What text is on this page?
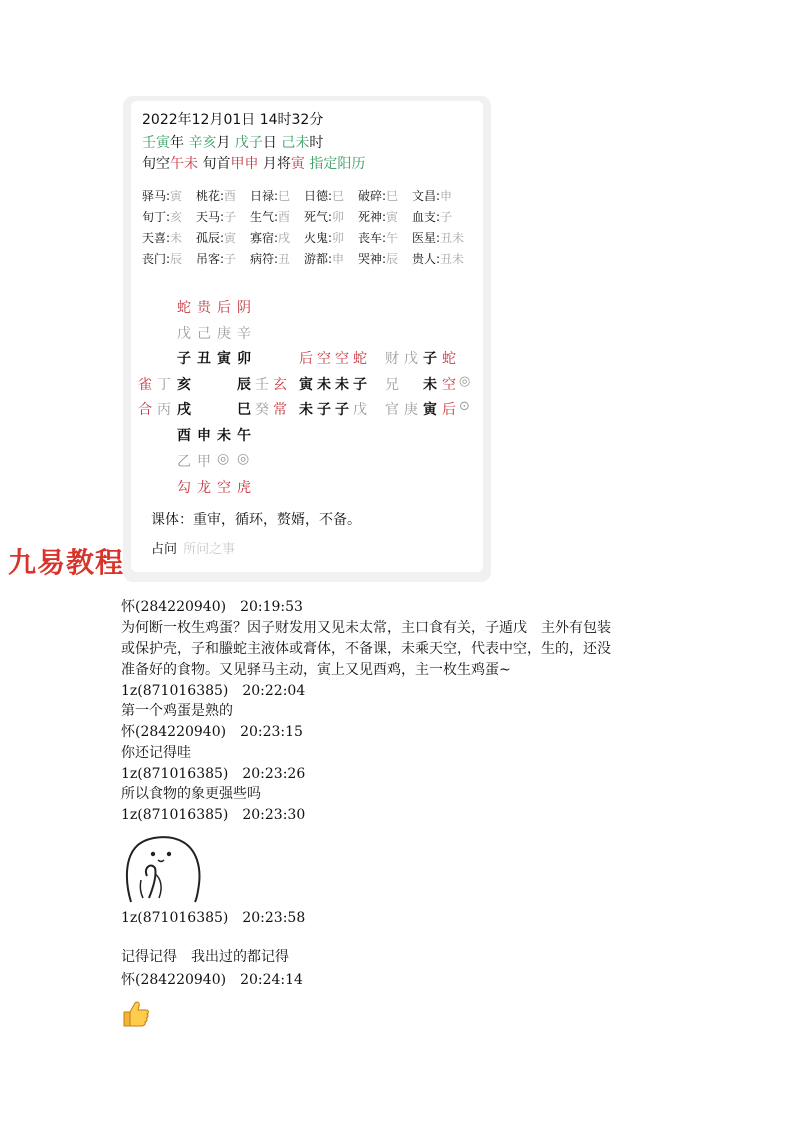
2022年12月01日 14时32分
壬寅年 辛亥月 戊子日 己未时
旬空午未 旬首甲申 月将寅 指定阳历
驿马:寅 桃花:酉 日禄:巳 日德:巳 破碎:巳 文昌:申
旬丁:亥 天马:子 生气:酉 死气:卯 死神:寅 血支:子
天喜:未 孤辰:寅 寡宿:戌 火鬼:卯 丧车:午 医星:丑未
丧门:辰 吊客:子 病符:丑 游都:申 哭神:辰 贵人:丑未
蛇 贵 后 阴
戊 己 庚 辛
子 丑 寅 卯
雀 丁 亥
合 丙 戌
辰 壬 玄
巳 癸 常
酉 申 未 午
乙 甲 ◎ ◎
勾 龙 空 虎
后 空 空 蛇
寅 未 未 子
未 子 子 戊
财 戊 子 蛇
兄 未 空 ◎
官 庚 寅 后 ⊙
课体：重审，循环，赘婿，不备。
占问 所问之事
九易教程
怀(284220940)　20:19:53
为何断一枚生鸡蛋？因子财发用又见未太常，主口食有关，子遁戊　主外有包装
或保护壳，子和螣蛇主液体或膏体，不备课，未乘天空，代表中空，生的，还没
准备好的食物。又见驿马主动，寅上又见酉鸡，主一枚生鸡蛋~
1z(871016385)　20:22:04
第一个鸡蛋是熟的
怀(284220940)　20:23:15
你还记得哇
1z(871016385)　20:23:26
所以食物的象更强些吗
1z(871016385)　20:23:30
1z(871016385)　20:23:58
记得记得　我出过的都记得
怀(284220940)　20:24:14
